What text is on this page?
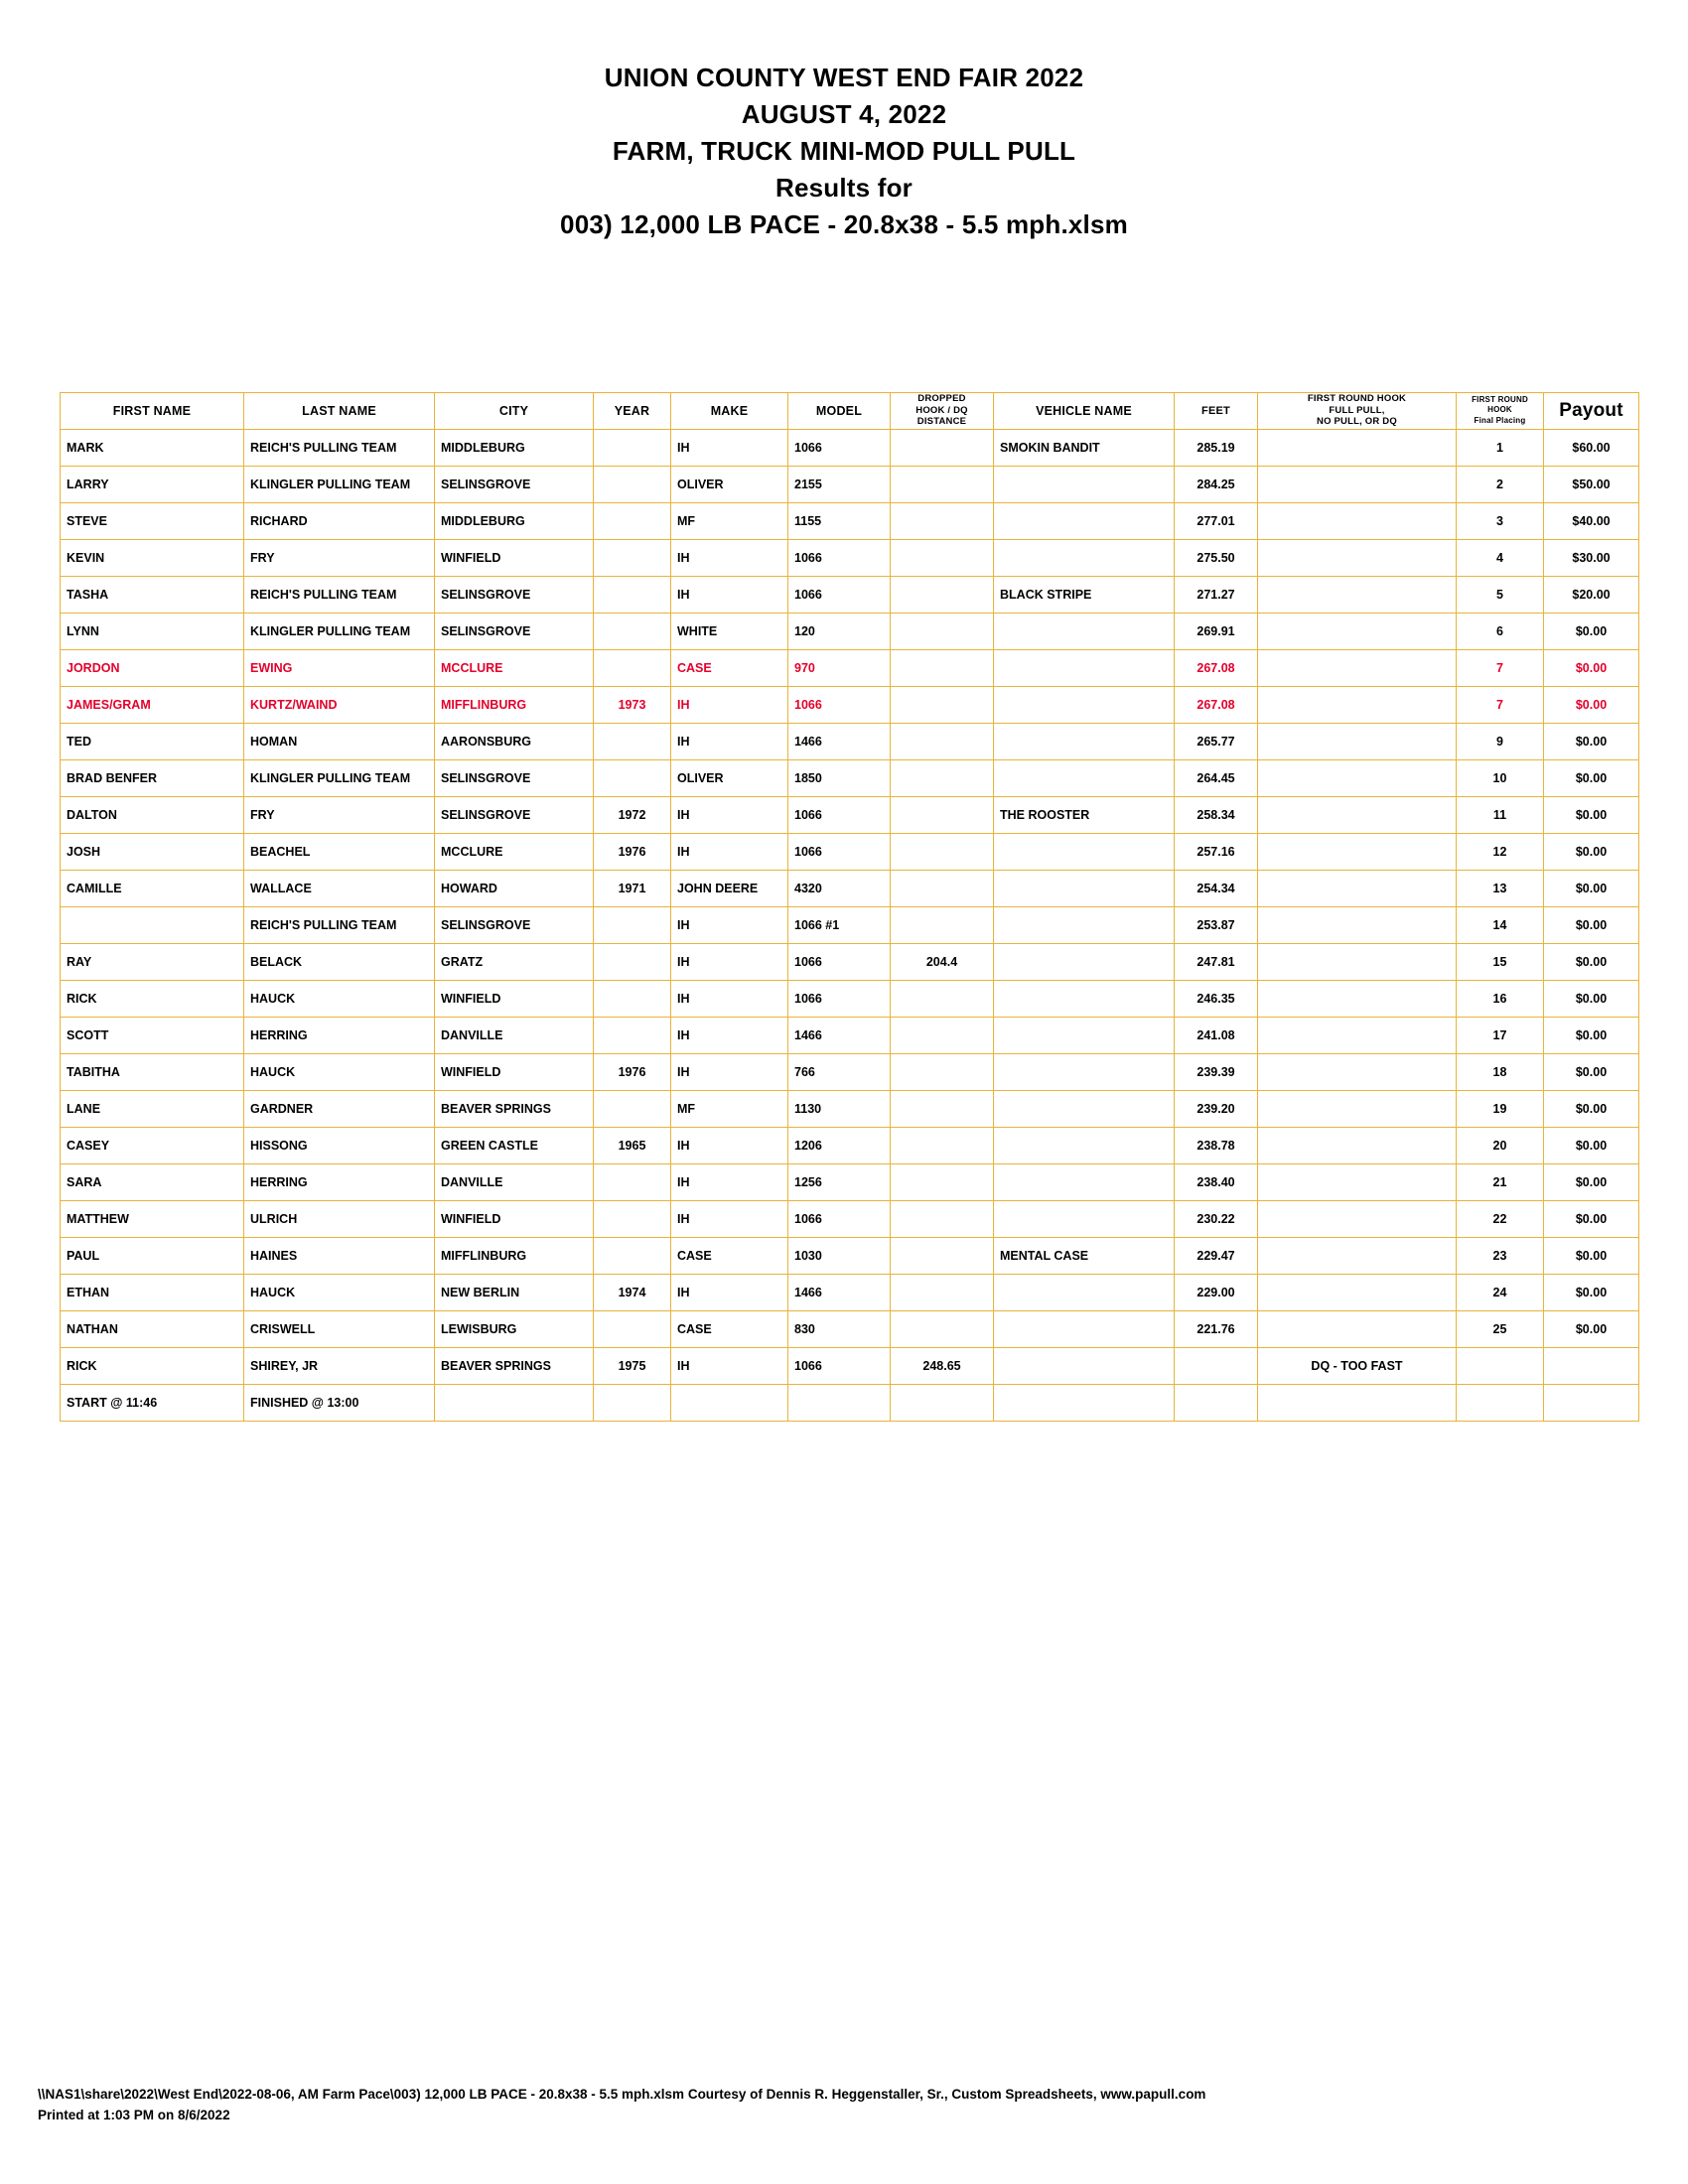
UNION COUNTY WEST END FAIR 2022
AUGUST 4, 2022
FARM, TRUCK MINI-MOD PULL PULL
Results for
003) 12,000 LB PACE - 20.8x38 - 5.5 mph.xlsm
FIRST NAME	LAST NAME	CITY	YEAR	MAKE	MODEL	DROPPED
HOOK / DQ
DISTANCE	VEHICLE NAME	FEET	FIRST ROUND HOOK
FULL PULL,
NO PULL, OR DQ	FIRST ROUND
HOOK
Final Placing	Payout
MARK	REICH'S PULLING TEAM	MIDDLEBURG		IH	1066		SMOKIN BANDIT	285.19		1	$60.00
LARRY	KLINGLER PULLING TEAM	SELINSGROVE		OLIVER	2155			284.25		2	$50.00
STEVE	RICHARD	MIDDLEBURG		MF	1155			277.01		3	$40.00
KEVIN	FRY	WINFIELD		IH	1066			275.50		4	$30.00
TASHA	REICH'S PULLING TEAM	SELINSGROVE		IH	1066		BLACK STRIPE	271.27		5	$20.00
LYNN	KLINGLER PULLING TEAM	SELINSGROVE		WHITE	120			269.91		6	$0.00
JORDON	EWING	MCCLURE		CASE	970			267.08		7	$0.00
JAMES/GRAM	KURTZ/WAIND	MIFFLINBURG	1973	IH	1066			267.08		7	$0.00
TED	HOMAN	AARONSBURG		IH	1466			265.77		9	$0.00
BRAD BENFER	KLINGLER PULLING TEAM	SELINSGROVE		OLIVER	1850			264.45		10	$0.00
DALTON	FRY	SELINSGROVE	1972	IH	1066		THE ROOSTER	258.34		11	$0.00
JOSH	BEACHEL	MCCLURE	1976	IH	1066			257.16		12	$0.00
CAMILLE	WALLACE	HOWARD	1971	JOHN DEERE	4320			254.34		13	$0.00
	REICH'S PULLING TEAM	SELINSGROVE		IH	1066 #1			253.87		14	$0.00
RAY	BELACK	GRATZ		IH	1066	204.4		247.81		15	$0.00
RICK	HAUCK	WINFIELD		IH	1066			246.35		16	$0.00
SCOTT	HERRING	DANVILLE		IH	1466			241.08		17	$0.00
TABITHA	HAUCK	WINFIELD	1976	IH	766			239.39		18	$0.00
LANE	GARDNER	BEAVER SPRINGS		MF	1130			239.20		19	$0.00
CASEY	HISSONG	GREEN CASTLE	1965	IH	1206			238.78		20	$0.00
SARA	HERRING	DANVILLE		IH	1256			238.40		21	$0.00
MATTHEW	ULRICH	WINFIELD		IH	1066			230.22		22	$0.00
PAUL	HAINES	MIFFLINBURG		CASE	1030		MENTAL CASE	229.47		23	$0.00
ETHAN	HAUCK	NEW BERLIN	1974	IH	1466			229.00		24	$0.00
NATHAN	CRISWELL	LEWISBURG		CASE	830			221.76		25	$0.00
RICK	SHIREY, JR	BEAVER SPRINGS	1975	IH	1066	248.65			DQ - TOO FAST		
START @ 11:46	FINISHED @ 13:00										
\\NAS1\share\2022\West End\2022-08-06, AM Farm Pace\003) 12,000 LB PACE - 20.8x38 - 5.5 mph.xlsm Courtesy of Dennis R. Heggenstaller, Sr., Custom Spreadsheets, www.papull.com
Printed at 1:03 PM on 8/6/2022
